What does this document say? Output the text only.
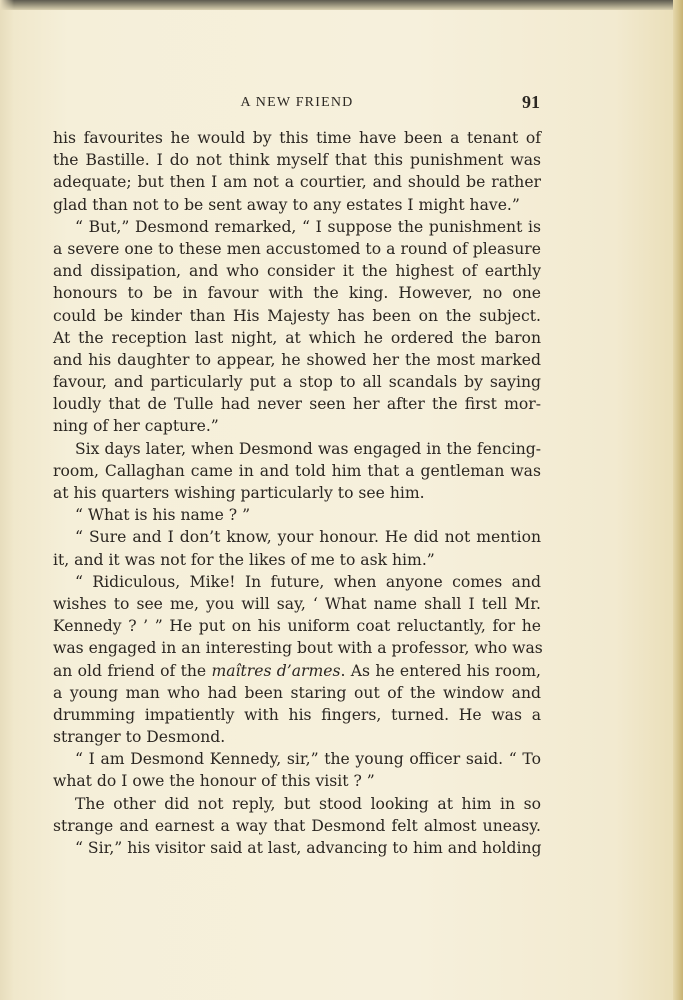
A NEW FRIEND	91
his favourites he would by this time have been a tenant of
the Bastille. I do not think myself that this punishment was
adequate; but then I am not a courtier, and should be rather
glad than not to be sent away to any estates I might have.”
“ But,” Desmond remarked, “ I suppose the punishment is
a severe one to these men accustomed to a round of pleasure
and dissipation, and who consider it the highest of earthly
honours to be in favour with the king. However, no one
could be kinder than His Majesty has been on the subject.
At the reception last night, at which he ordered the baron
and his daughter to appear, he showed her the most marked
favour, and particularly put a stop to all scandals by saying
loudly that de Tulle had never seen her after the first mor-
ning of her capture.”
Six days later, when Desmond was engaged in the fencing-
room, Callaghan came in and told him that a gentleman was
at his quarters wishing particularly to see him.
“ What is his name ? ”
“ Sure and I don’t know, your honour. He did not mention
it, and it was not for the likes of me to ask him.”
“ Ridiculous, Mike! In future, when anyone comes and
wishes to see me, you will say, ‘ What name shall I tell Mr.
Kennedy ? ’ ” He put on his uniform coat reluctantly, for he
was engaged in an interesting bout with a professor, who was
an old friend of the maîtres d’armes. As he entered his room,
a young man who had been staring out of the window and
drumming impatiently with his fingers, turned. He was a
stranger to Desmond.
“ I am Desmond Kennedy, sir,” the young officer said. “ To
what do I owe the honour of this visit ? ”
The other did not reply, but stood looking at him in so
strange and earnest a way that Desmond felt almost uneasy.
“ Sir,” his visitor said at last, advancing to him and holding
